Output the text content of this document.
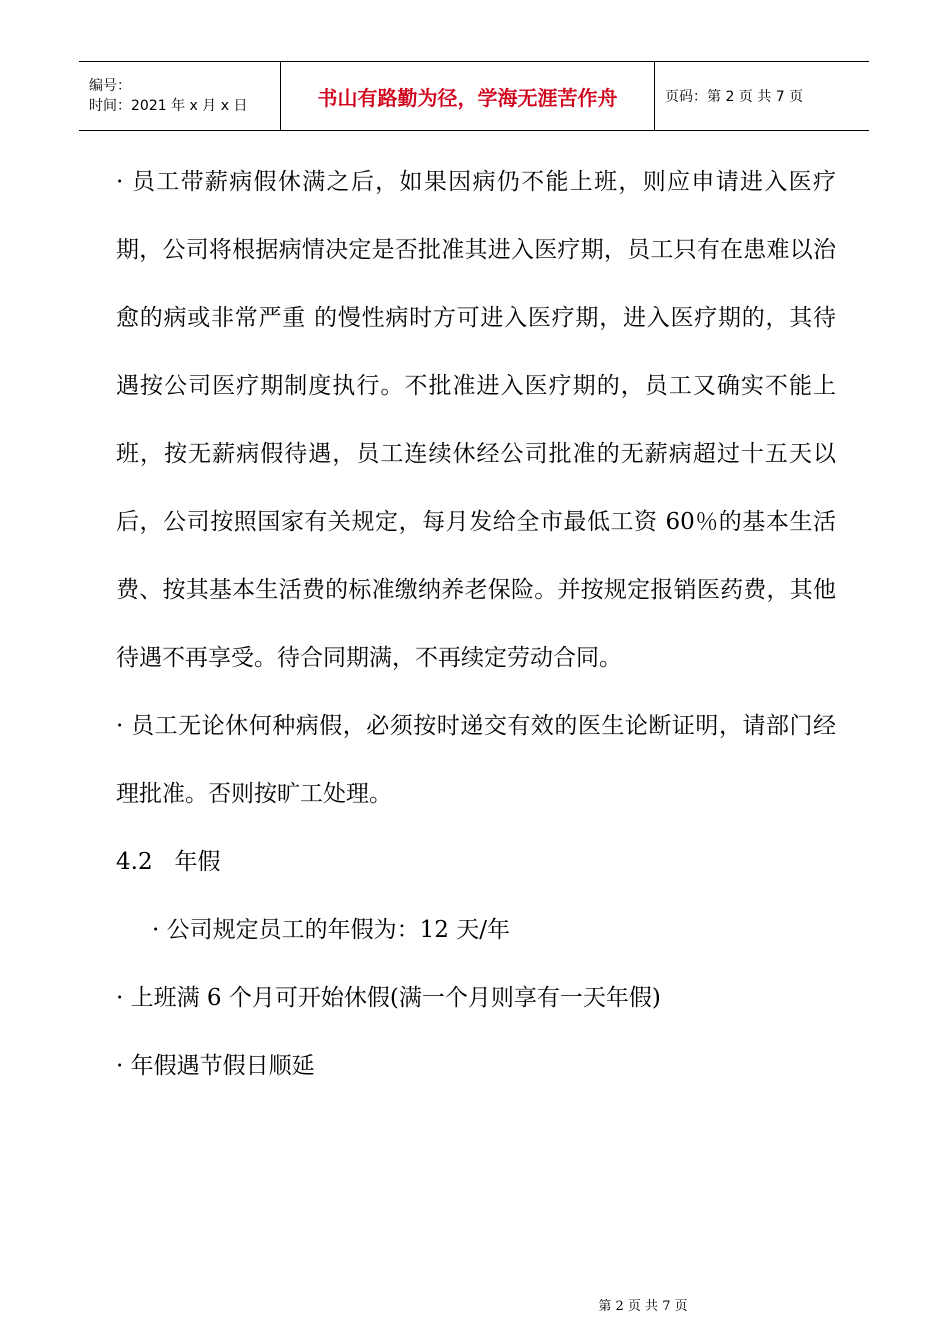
编号：
时间：2021 年 x 月 x 日	书山有路勤为径，学海无涯苦作舟	页码：第 2 页 共 7 页

· 员工带薪病假休满之后，如果因病仍不能上班，则应申请进入医疗期，公司将根据病情决定是否批准其进入医疗期，员工只有在患难以治愈的病或非常严重 的慢性病时方可进入医疗期，进入医疗期的，其待遇按公司医疗期制度执行。不批准进入医疗期的，员工又确实不能上班，按无薪病假待遇，员工连续休经公司批准的无薪病超过十五天以后，公司按照国家有关规定，每月发给全市最低工资 60％的基本生活费、按其基本生活费的标准缴纳养老保险。并按规定报销医药费，其他待遇不再享受。待合同期满，不再续定劳动合同。

· 员工无论休何种病假，必须按时递交有效的医生论断证明，请部门经理批准。否则按旷工处理。

4.2   年假

· 公司规定员工的年假为：12 天/年

· 上班满 6 个月可开始休假(满一个月则享有一天年假)

· 年假遇节假日顺延

第 2 页 共 7 页
